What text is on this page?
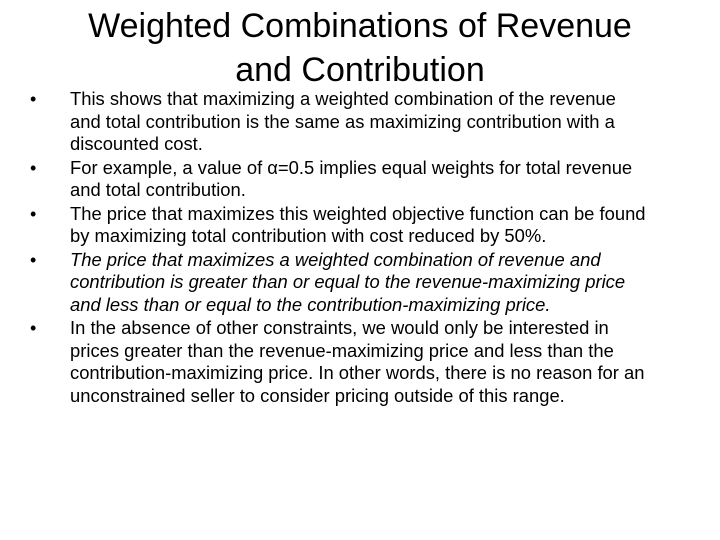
Weighted Combinations of Revenue
and Contribution
• This shows that maximizing a weighted combination of the revenue
and total contribution is the same as maximizing contribution with a
discounted cost.
• For example, a value of α=0.5 implies equal weights for total revenue
and total contribution.
• The price that maximizes this weighted objective function can be found
by maximizing total contribution with cost reduced by 50%.
• The price that maximizes a weighted combination of revenue and
contribution is greater than or equal to the revenue-maximizing price
and less than or equal to the contribution-maximizing price.
• In the absence of other constraints, we would only be interested in
prices greater than the revenue-maximizing price and less than the
contribution-maximizing price. In other words, there is no reason for an
unconstrained seller to consider pricing outside of this range.
